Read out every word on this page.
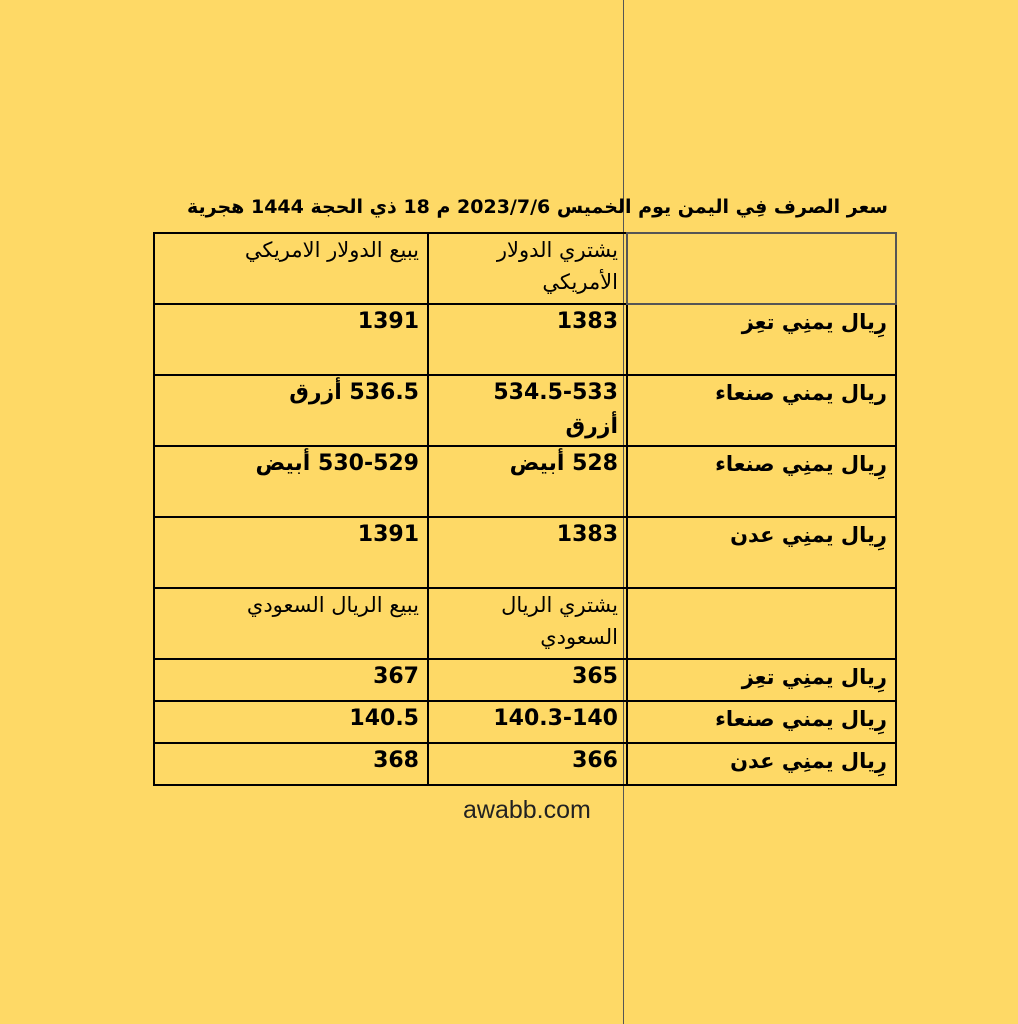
سعر الصرف فِي اليمن يوم الخميس 2023/7/6 م 18 ذي الحجة 1444 هجرية
	يشتري الدولار الأمريكي	يبيع الدولار الامريكي
رِيال يمنِي تعِز	1383	1391
ريال يمني صنعاء	534.5-533 أزرق	536.5 أزرق
رِيال يمنِي صنعاء	528 أبيض	530-529 أبيض
رِيال يمنِي عدن	1383	1391
	يشتري الريال السعودي	يبيع الريال السعودي
رِيال يمنِي تعِز	365	367
رِيال يمني صنعاء	140.3-140	140.5
رِيال يمنِي عدن	366	368
awabb.com
